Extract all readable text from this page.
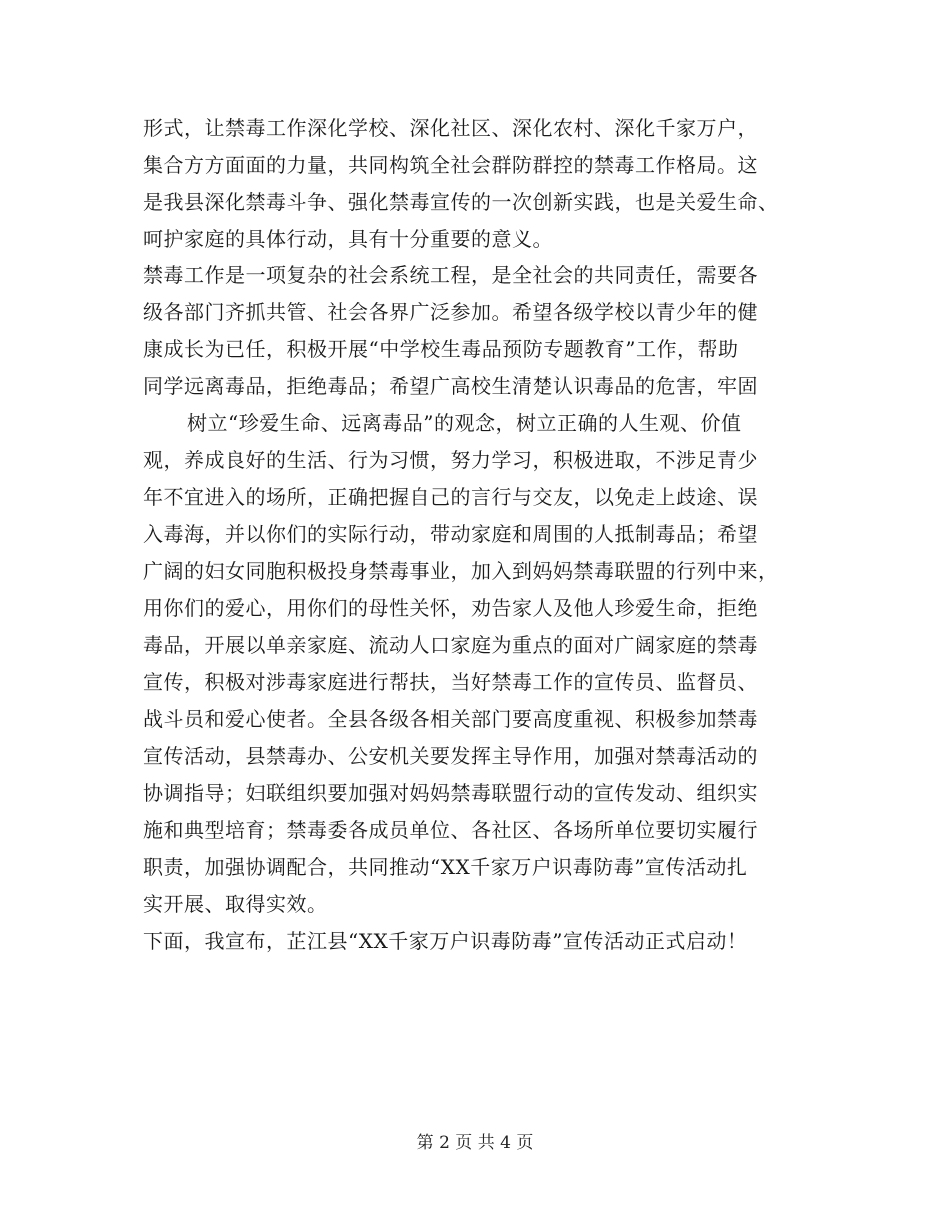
形式，让禁毒工作深化学校、深化社区、深化农村、深化千家万户，
集合方方面面的力量，共同构筑全社会群防群控的禁毒工作格局。这
是我县深化禁毒斗争、强化禁毒宣传的一次创新实践，也是关爱生命、
呵护家庭的具体行动，具有十分重要的意义。
禁毒工作是一项复杂的社会系统工程，是全社会的共同责任，需要各
级各部门齐抓共管、社会各界广泛参加。希望各级学校以青少年的健
康成长为已任，积极开展“中学校生毒品预防专题教育”工作，帮助
同学远离毒品，拒绝毒品；希望广高校生清楚认识毒品的危害，牢固
树立“珍爱生命、远离毒品”的观念，树立正确的人生观、价值
观，养成良好的生活、行为习惯，努力学习，积极进取，不涉足青少
年不宜进入的场所，正确把握自己的言行与交友，以免走上歧途、误
入毒海，并以你们的实际行动，带动家庭和周围的人抵制毒品；希望
广阔的妇女同胞积极投身禁毒事业，加入到妈妈禁毒联盟的行列中来，
用你们的爱心，用你们的母性关怀，劝告家人及他人珍爱生命，拒绝
毒品，开展以单亲家庭、流动人口家庭为重点的面对广阔家庭的禁毒
宣传，积极对涉毒家庭进行帮扶，当好禁毒工作的宣传员、监督员、
战斗员和爱心使者。全县各级各相关部门要高度重视、积极参加禁毒
宣传活动，县禁毒办、公安机关要发挥主导作用，加强对禁毒活动的
协调指导；妇联组织要加强对妈妈禁毒联盟行动的宣传发动、组织实
施和典型培育；禁毒委各成员单位、各社区、各场所单位要切实履行
职责，加强协调配合，共同推动“XX千家万户识毒防毒”宣传活动扎
实开展、取得实效。
下面，我宣布，芷江县“XX千家万户识毒防毒”宣传活动正式启动！
第 2 页 共 4 页
